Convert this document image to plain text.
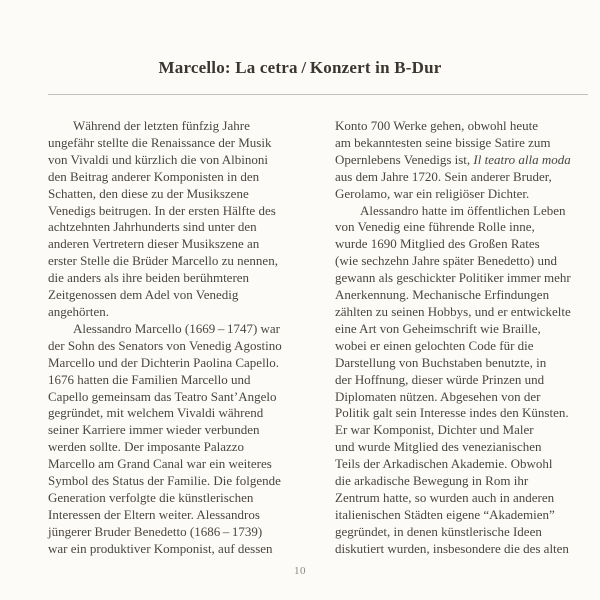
Marcello: La cetra / Konzert in B-Dur
Während der letzten fünfzig Jahre
ungefähr stellte die Renaissance der Musik
von Vivaldi und kürzlich die von Albinoni
den Beitrag anderer Komponisten in den
Schatten, den diese zu der Musikszene
Venedigs beitrugen. In der ersten Hälfte des
achtzehnten Jahrhunderts sind unter den
anderen Vertretern dieser Musikszene an
erster Stelle die Brüder Marcello zu nennen,
die anders als ihre beiden berühmteren
Zeitgenossen dem Adel von Venedig
angehörten.
Alessandro Marcello (1669 – 1747) war
der Sohn des Senators von Venedig Agostino
Marcello und der Dichterin Paolina Capello.
1676 hatten die Familien Marcello und
Capello gemeinsam das Teatro Sant’Angelo
gegründet, mit welchem Vivaldi während
seiner Karriere immer wieder verbunden
werden sollte. Der imposante Palazzo
Marcello am Grand Canal war ein weiteres
Symbol des Status der Familie. Die folgende
Generation verfolgte die künstlerischen
Interessen der Eltern weiter. Alessandros
jüngerer Bruder Benedetto (1686 – 1739)
war ein produktiver Komponist, auf dessen
Konto 700 Werke gehen, obwohl heute
am bekanntesten seine bissige Satire zum
Opernlebens Venedigs ist, Il teatro alla moda
aus dem Jahre 1720. Sein anderer Bruder,
Gerolamo, war ein religiöser Dichter.
Alessandro hatte im öffentlichen Leben
von Venedig eine führende Rolle inne,
wurde 1690 Mitglied des Großen Rates
(wie sechzehn Jahre später Benedetto) und
gewann als geschickter Politiker immer mehr
Anerkennung. Mechanische Erfindungen
zählten zu seinen Hobbys, und er entwickelte
eine Art von Geheimschrift wie Braille,
wobei er einen gelochten Code für die
Darstellung von Buchstaben benutzte, in
der Hoffnung, dieser würde Prinzen und
Diplomaten nützen. Abgesehen von der
Politik galt sein Interesse indes den Künsten.
Er war Komponist, Dichter und Maler
und wurde Mitglied des venezianischen
Teils der Arkadischen Akademie. Obwohl
die arkadische Bewegung in Rom ihr
Zentrum hatte, so wurden auch in anderen
italienischen Städten eigene “Akademien”
gegründet, in denen künstlerische Ideen
diskutiert wurden, insbesondere die des alten
10
